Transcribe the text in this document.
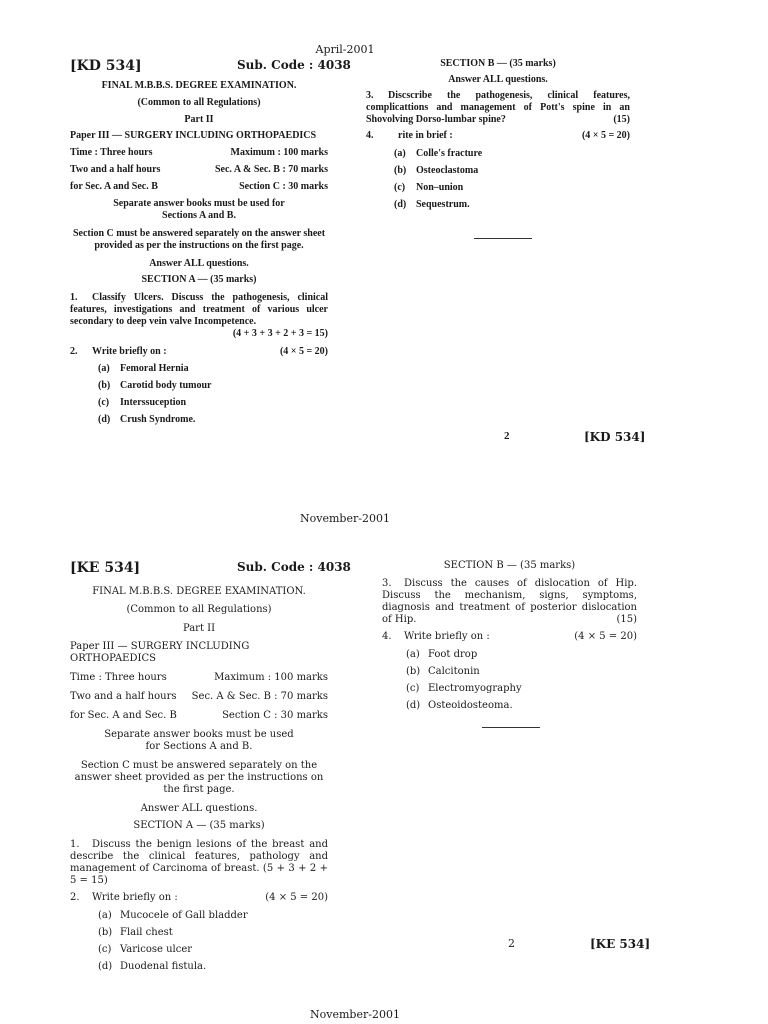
April-2001
[KD 534]	Sub. Code : 4038
FINAL M.B.B.S. DEGREE EXAMINATION.
(Common to all Regulations)
Part II
Paper III — SURGERY INCLUDING ORTHOPAEDICS
Time : Three hours	Maximum : 100 marks
Two and a half hours	Sec. A & Sec. B : 70 marks
for Sec. A and Sec. B	Section C : 30 marks
Separate answer books must be used for Sections A and B.
Section C must be answered separately on the answer sheet provided as per the instructions on the first page.
Answer ALL questions.
SECTION A — (35 marks)
1. Classify Ulcers. Discuss the pathogenesis, clinical features, investigations and treatment of various ulcer secondary to deep vein valve Incompetence.
(4 + 3 + 3 + 2 + 3 = 15)
2. Write briefly on :	(4 × 5 = 20)
(a)	Femoral Hernia
(b) Carotid body tumour
(c)	Interssuception
(d) Crush Syndrome.
SECTION B — (35 marks)
Answer ALL questions.
3. Discscribe the pathogenesis, clinical features, complicattions and management of Pott's spine in an Shovolving Dorso-lumbar spine?	(15)
4. rite in brief :	(4 × 5 = 20)
(a)	Colle's fracture
(b) Osteoclastoma
(c)	Non–union
(d) Sequestrum.
2	[KD 534]
November-2001
[KE 534]	Sub. Code : 4038
FINAL M.B.B.S. DEGREE EXAMINATION.
(Common to all Regulations)
Part II
Paper III — SURGERY INCLUDING ORTHOPAEDICS
Time : Three hours	Maximum : 100 marks
Two and a half hours Sec. A & Sec. B : 70 marks
for Sec. A and Sec. B	Section C : 30 marks
Separate answer books must be used for Sections A and B.
Section C must be answered separately on the answer sheet provided as per the instructions on the first page.
Answer ALL questions.
SECTION A — (35 marks)
1. Discuss the benign lesions of the breast and describe the clinical features, pathology and management of Carcinoma of breast. (5 + 3 + 2 + 5 = 15)
2. Write briefly on :	(4 × 5 = 20)
(a) Mucocele of Gall bladder
(b) Flail chest
(c) Varicose ulcer
(d) Duodenal fistula.
SECTION B — (35 marks)
3. Discuss the causes of dislocation of Hip. Discuss the mechanism, signs, symptoms, diagnosis and treatment of posterior dislocation of Hip.	(15)
4. Write briefly on :	(4 × 5 = 20)
(a) Foot drop
(b) Calcitonin
(c) Electromyography
(d) Osteoidosteoma.
2	[KE 534]
November-2001
